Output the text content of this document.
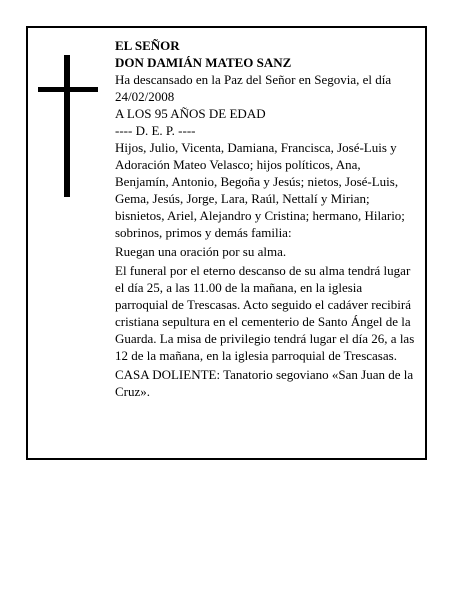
EL SEÑOR

DON DAMIÁN MATEO SANZ

Ha descansado en la Paz del Señor en Segovia, el día 24/02/2008

A LOS 95 AÑOS DE EDAD

---- D. E. P. ----

Hijos, Julio, Vicenta, Damiana, Francisca, José-Luis y Adoración Mateo Velasco; hijos políticos, Ana, Benjamín, Antonio, Begoña y Jesús; nietos, José-Luis, Gema, Jesús, Jorge, Lara, Raúl, Nettalí y Mirian; bisnietos, Ariel, Alejandro y Cristina; hermano, Hilario; sobrinos, primos y demás familia:

Ruegan una oración por su alma.

El funeral por el eterno descanso de su alma tendrá lugar el día 25, a las 11.00 de la mañana, en la iglesia parroquial de Trescasas. Acto seguido el cadáver recibirá cristiana sepultura en el cementerio de Santo Ángel de la Guarda. La misa de privilegio tendrá lugar el día 26, a las 12 de la mañana, en la iglesia parroquial de Trescasas.

CASA DOLIENTE: Tanatorio segoviano «San Juan de la Cruz».
